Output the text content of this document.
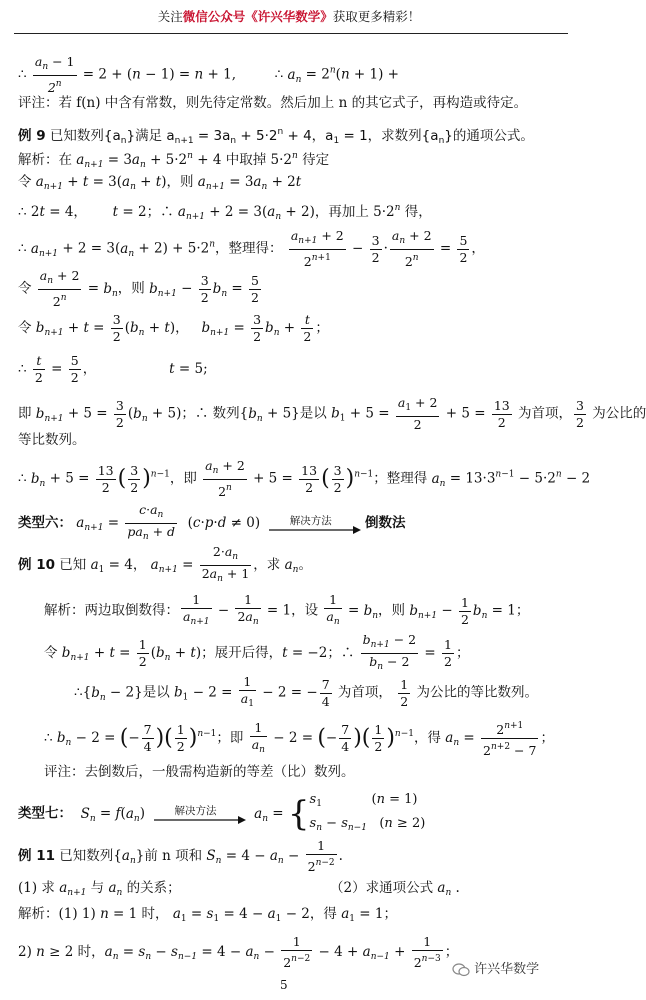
关注微信公众号《许兴华数学》获取更多精彩！
∴ $\frac{a_n - 1}{2^n} = 2 + (n - 1) = n + 1$,         ∴ $a_n = 2^n(n + 1)$ +
评注：若 f(n) 中含有常数，则先待定常数。然后加上 n 的其它式子，再构造或待定。
例 9 已知数列$\{a_n\}$满足 $a_{n+1} = 3a_n + 5\cdot 2^n + 4$，$a_1 = 1$，求数列$\{a_n\}$的通项公式。
解析：在 $a_{n+1} = 3a_n + 5\cdot 2^n + 4$ 中取掉 $5\cdot 2^n$ 待定
令 $a_{n+1} + t = 3(a_n + t)$，则 $a_{n+1} = 3a_n + 2t$
∴ 2t = 4，      t = 2；∴ $a_{n+1} + 2 = 3(a_n + 2)$，再加上 $5\cdot 2^n$ 得，
∴ $a_{n+1} + 2 = 3(a_n + 2) + 5\cdot 2^n$，整理得： $\frac{a_{n+1} + 2}{2^{n+1}} - \frac{3}{2} \cdot \frac{a_n + 2}{2^n} = \frac{5}{2}$ ，
令 $\frac{a_n + 2}{2^n} = b_n$，则 $b_{n+1} - \frac{3}{2} b_n = \frac{5}{2}$
令 $b_{n+1} + t = \frac{3}{2} (b_n + t)$，   $b_{n+1} = \frac{3}{2} b_n + \frac{t}{2}$ ；
∴ $\frac{t}{2} = \frac{5}{2}$ ，                 t = 5;
即 $b_{n+1} + 5 = \frac{3}{2} (b_n + 5)$；∴ 数列$\{b_n + 5\}$是以 $b_1 + 5 = \frac{a_1 + 2}{2} + 5 = \frac{13}{2}$ 为首项， $\frac{3}{2}$ 为公比的
等比数列。
∴ $b_n + 5 = \frac{13}{2}$ ( $\frac{3}{2} )^{n-1}$，即 $\frac{a_n + 2}{2^n} + 5 = \frac{13}{2}$ ( $\frac{3}{2} )^{n-1}$；整理得 $a_n = 13\cdot 3^{n-1} - 5\cdot 2^n - 2$
类型六： $a_{n+1} = \frac{c\cdot a_n}{pa_n + d} (c\cdot p\cdot d \ne 0)$	解决方法	倒数法
例 10 已知 $a_1 = 4$， $a_{n+1} = \frac{2\cdot a_n}{2a_n + 1}$ ，求 $a_n$。
解析：两边取倒数得： $\frac{1}{a_{n+1}} - \frac{1}{2a_n} = 1$，设 $\frac{1}{a_n} = b_n$，则 $b_{n+1} - \frac{1}{2} b_n = 1$；
令 $b_{n+1} + t = \frac{1}{2} (b_n + t)$；展开后得，t = −2；∴ $\frac{b_{n+1} - 2}{b_n - 2} = \frac{1}{2}$ ；
$\therefore\{b_n - 2\}$是以 $b_1 - 2 = \frac{1}{a_1} - 2$ = − $\frac{7}{4}$ 为首项， $\frac{1}{2}$ 为公比的等比数列。
∴ $b_n - 2$ = (− $\frac{7}{4}$ )( $\frac{1}{2} )^{n-1}$；即 $\frac{1}{a_n} - 2$ = (− $\frac{7}{4}$ )( $\frac{1}{2} )^{n-1}$，得 $a_n = \frac{2^{n+1}}{2^{n+2} - 7}$ ；
评注：去倒数后，一般需构造新的等差（比）数列。
类型七： $S_n = f(a_n)$	解决方法	$a_n$ = { $s_1$            (n = 1)
$s_n - s_{n-1}$   (n ≥ 2)
例 11 已知数列$\{a_n\}$前 n 项和 $S_n = 4 - a_n - \frac{1}{2^{n-2}}$ .
(1) 求 $a_{n+1}$ 与 $a_n$ 的关系；	（2）求通项公式 $a_n$ .
解析：(1) 1) n = 1 时， $a_1 = s_1 = 4 - a_1 - 2$，得 $a_1 = 1$；
2) n ≥ 2 时，$a_n = s_n - s_{n-1} = 4 - a_n - \frac{1}{2^{n-2}} - 4 + a_{n-1} + \frac{1}{2^{n-3}}$ ；
许兴华数学
5
